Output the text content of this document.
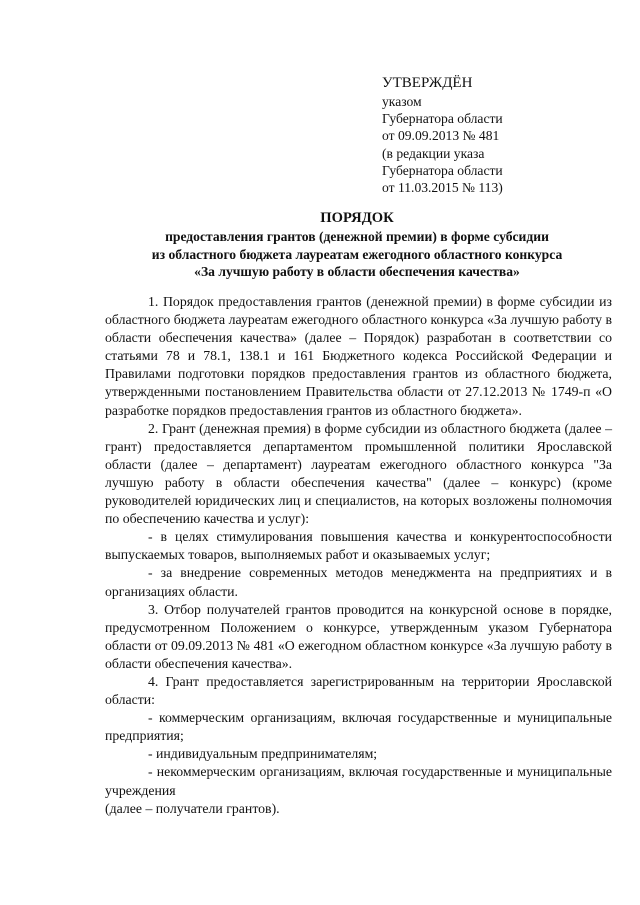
УТВЕРЖДЁН
указом
Губернатора области
от 09.09.2013 № 481
(в редакции указа
Губернатора области
от 11.03.2015 № 113)
ПОРЯДОК
предоставления грантов (денежной премии) в форме субсидии
из областного бюджета лауреатам ежегодного областного конкурса
«За лучшую работу в области обеспечения качества»

1. Порядок предоставления грантов (денежной премии) в форме субсидии из областного бюджета лауреатам ежегодного областного конкурса «За лучшую работу в области обеспечения качества» (далее – Порядок) разработан в соответствии со статьями 78 и 78.1, 138.1 и 161 Бюджетного кодекса Российской Федерации и Правилами подготовки порядков предоставления грантов из областного бюджета, утвержденными постановлением Правительства области от 27.12.2013 № 1749-п «О разработке порядков предоставления грантов из областного бюджета».

2. Грант (денежная премия) в форме субсидии из областного бюджета (далее – грант) предоставляется департаментом промышленной политики Ярославской области (далее – департамент) лауреатам ежегодного областного конкурса "За лучшую работу в области обеспечения качества" (далее – конкурс) (кроме руководителей юридических лиц и специалистов, на которых возложены полномочия по обеспечению качества и услуг):

- в целях стимулирования повышения качества и конкурентоспособности выпускаемых товаров, выполняемых работ и оказываемых услуг;

- за внедрение современных методов менеджмента на предприятиях и в организациях области.

3. Отбор получателей грантов проводится на конкурсной основе в порядке, предусмотренном Положением о конкурсе, утвержденным указом Губернатора области от 09.09.2013 № 481 «О ежегодном областном конкурсе «За лучшую работу в области обеспечения качества».

4. Грант предоставляется зарегистрированным на территории Ярославской области:

- коммерческим организациям, включая государственные и муниципальные предприятия;

- индивидуальным предпринимателям;

- некоммерческим организациям, включая государственные и муниципальные учреждения

(далее – получатели грантов).
